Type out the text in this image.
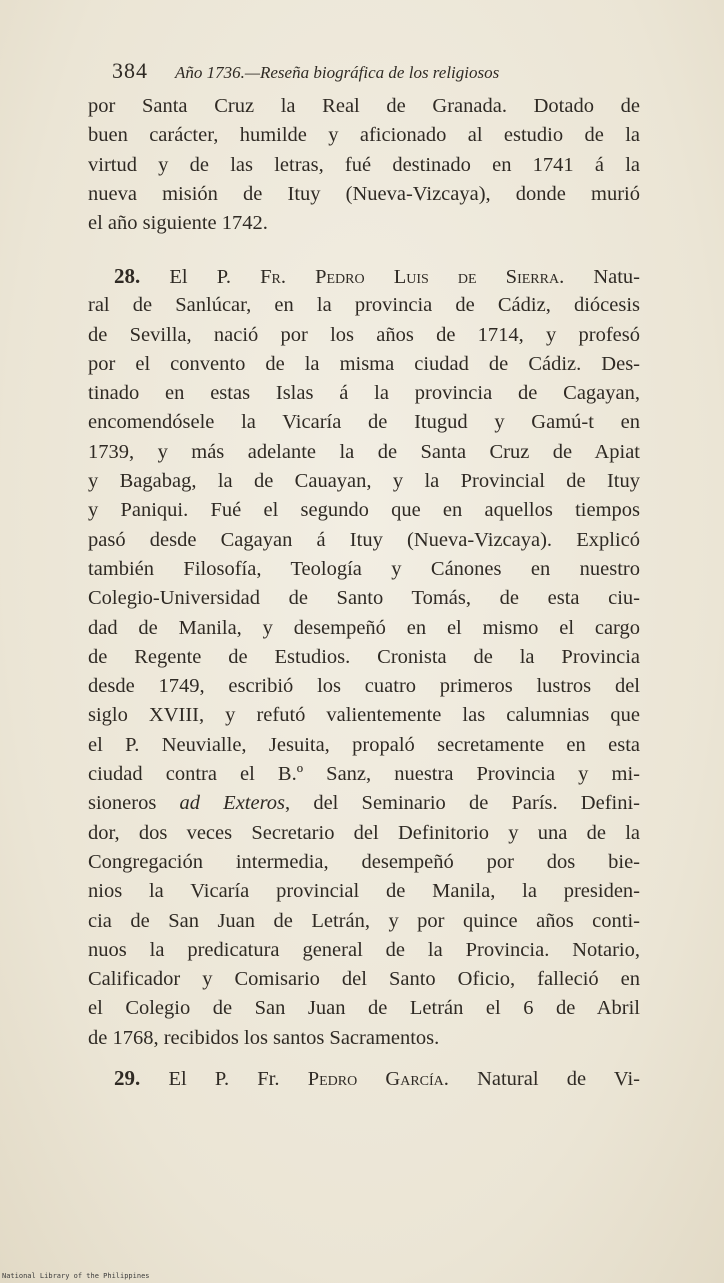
384 Año 1736.—Reseña biográfica de los religiosos
por Santa Cruz la Real de Granada. Dotado de
buen carácter, humilde y aficionado al estudio de la
virtud y de las letras, fué destinado en 1741 á la
nueva misión de Ituy (Nueva-Vizcaya), donde murió
el año siguiente 1742.
28. El P. Fr. Pedro Luis de Sierra. Natu-
ral de Sanlúcar, en la provincia de Cádiz, diócesis
de Sevilla, nació por los años de 1714, y profesó
por el convento de la misma ciudad de Cádiz. Des-
tinado en estas Islas á la provincia de Cagayan,
encomendósele la Vicaría de Itugud y Gamú-t en
1739, y más adelante la de Santa Cruz de Apiat
y Bagabag, la de Cauayan, y la Provincial de Ituy
y Paniqui. Fué el segundo que en aquellos tiempos
pasó desde Cagayan á Ituy (Nueva-Vizcaya). Explicó
también Filosofía, Teología y Cánones en nuestro
Colegio-Universidad de Santo Tomás, de esta ciu-
dad de Manila, y desempeñó en el mismo el cargo
de Regente de Estudios. Cronista de la Provincia
desde 1749, escribió los cuatro primeros lustros del
siglo XVIII, y refutó valientemente las calumnias que
el P. Neuvialle, Jesuita, propaló secretamente en esta
ciudad contra el B.º Sanz, nuestra Provincia y mi-
sioneros ad Exteros, del Seminario de París. Defini-
dor, dos veces Secretario del Definitorio y una de la
Congregación intermedia, desempeñó por dos bie-
nios la Vicaría provincial de Manila, la presiden-
cia de San Juan de Letrán, y por quince años conti-
nuos la predicatura general de la Provincia. Notario,
Calificador y Comisario del Santo Oficio, falleció en
el Colegio de San Juan de Letrán el 6 de Abril
de 1768, recibidos los santos Sacramentos.
29. El P. Fr. Pedro García. Natural de Vi-
National Library of the Philippines
